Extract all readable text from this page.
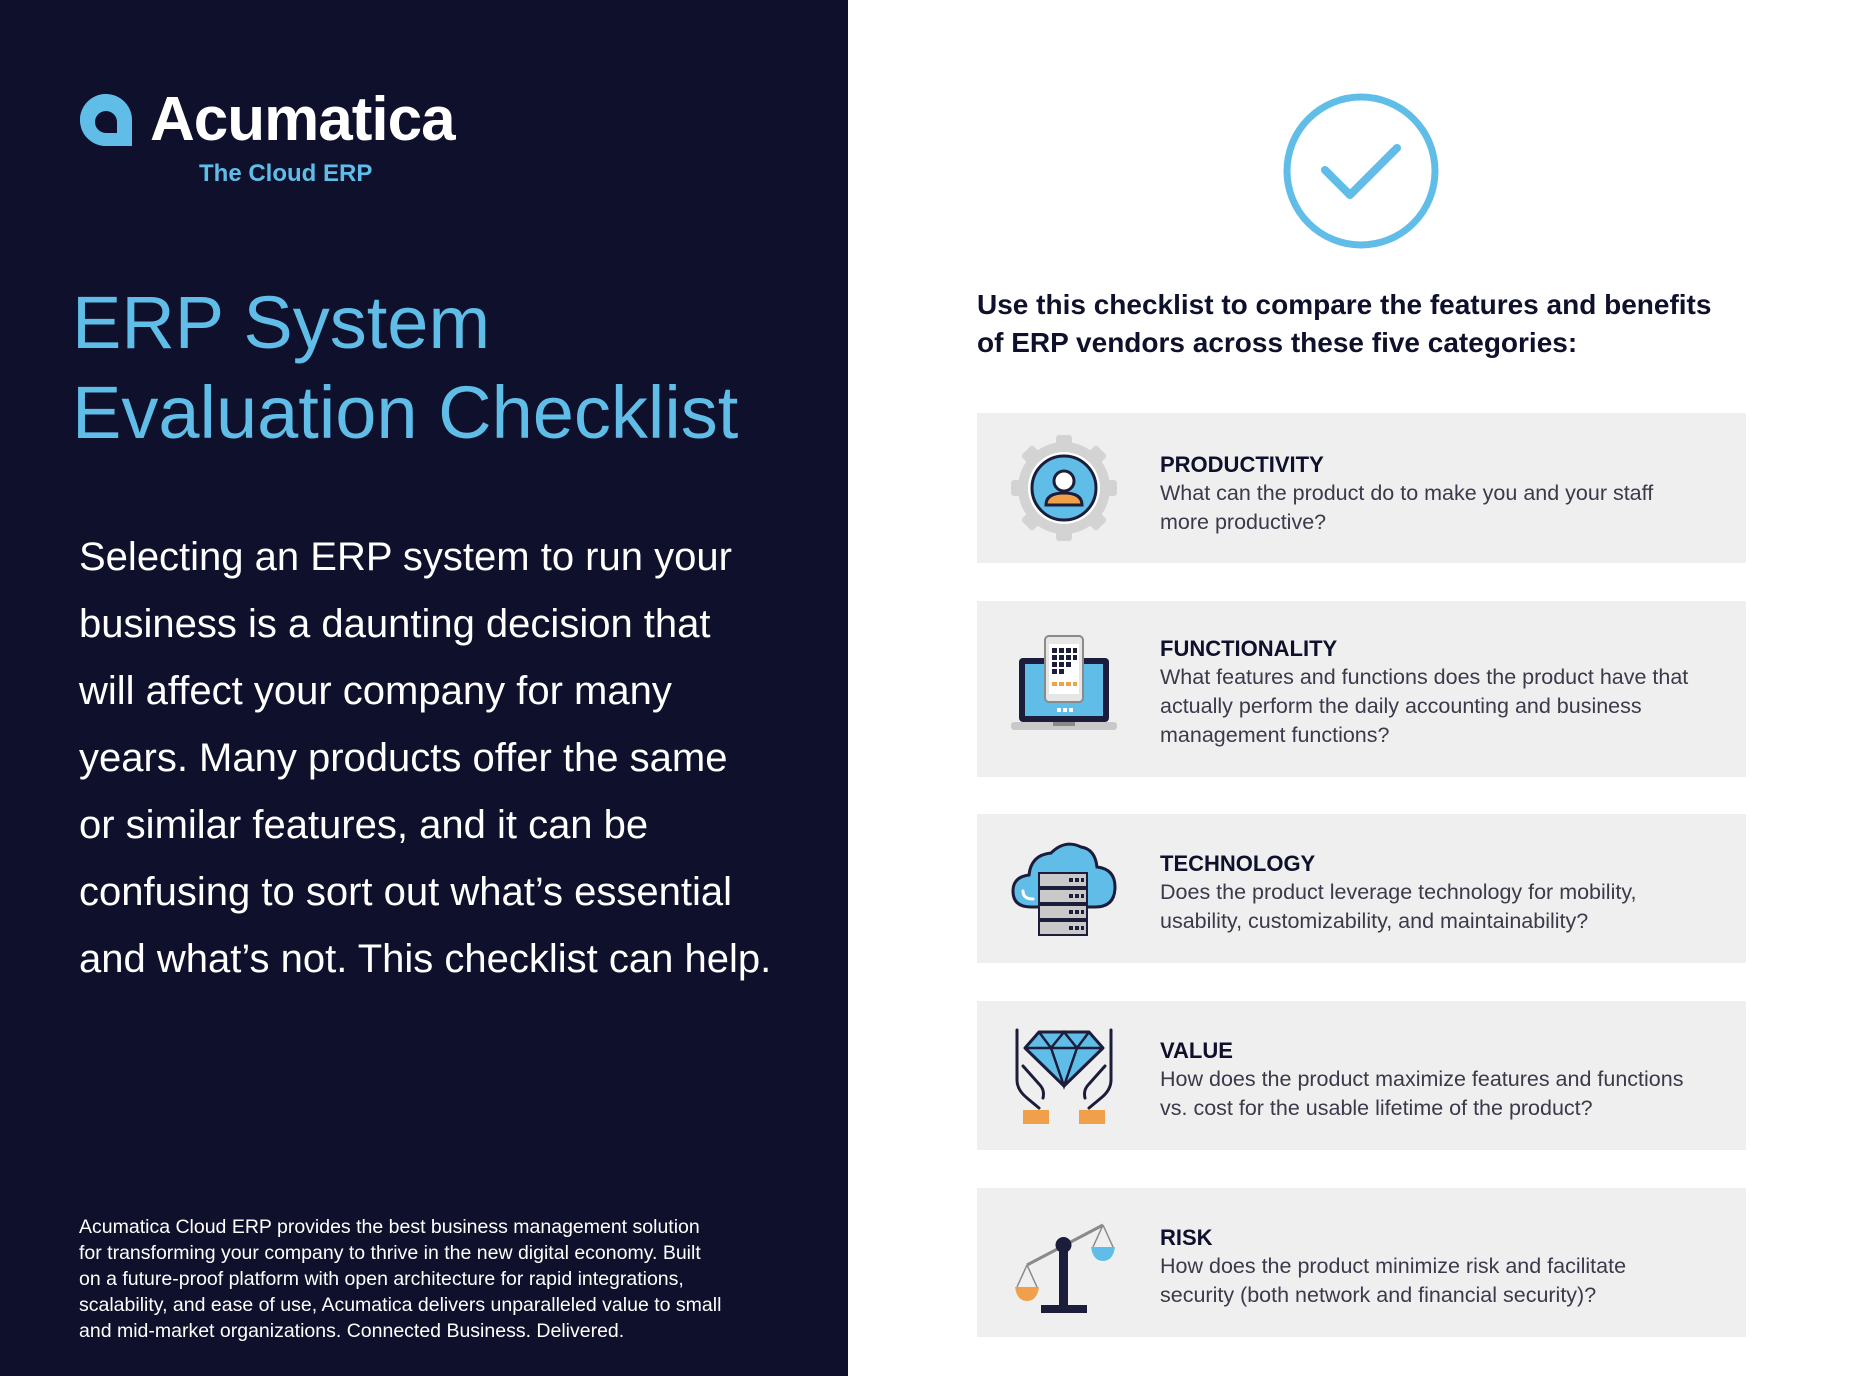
Acumatica
The Cloud ERP
ERP System
Evaluation Checklist

Selecting an ERP system to run your
business is a daunting decision that
will affect your company for many
years. Many products offer the same
or similar features, and it can be
confusing to sort out what’s essential
and what’s not. This checklist can help.

Acumatica Cloud ERP provides the best business management solution
for transforming your company to thrive in the new digital economy. Built
on a future-proof platform with open architecture for rapid integrations,
scalability, and ease of use, Acumatica delivers unparalleled value to small
and mid-market organizations. Connected Business. Delivered.

Use this checklist to compare the features and benefits
of ERP vendors across these five categories:

PRODUCTIVITY

What can the product do to make you and your staff
more productive?

FUNCTIONALITY

What features and functions does the product have that
actually perform the daily accounting and business
management functions?

TECHNOLOGY

Does the product leverage technology for mobility,
usability, customizability, and maintainability?

VALUE

How does the product maximize features and functions
vs. cost for the usable lifetime of the product?

RISK

How does the product minimize risk and facilitate
security (both network and financial security)?
